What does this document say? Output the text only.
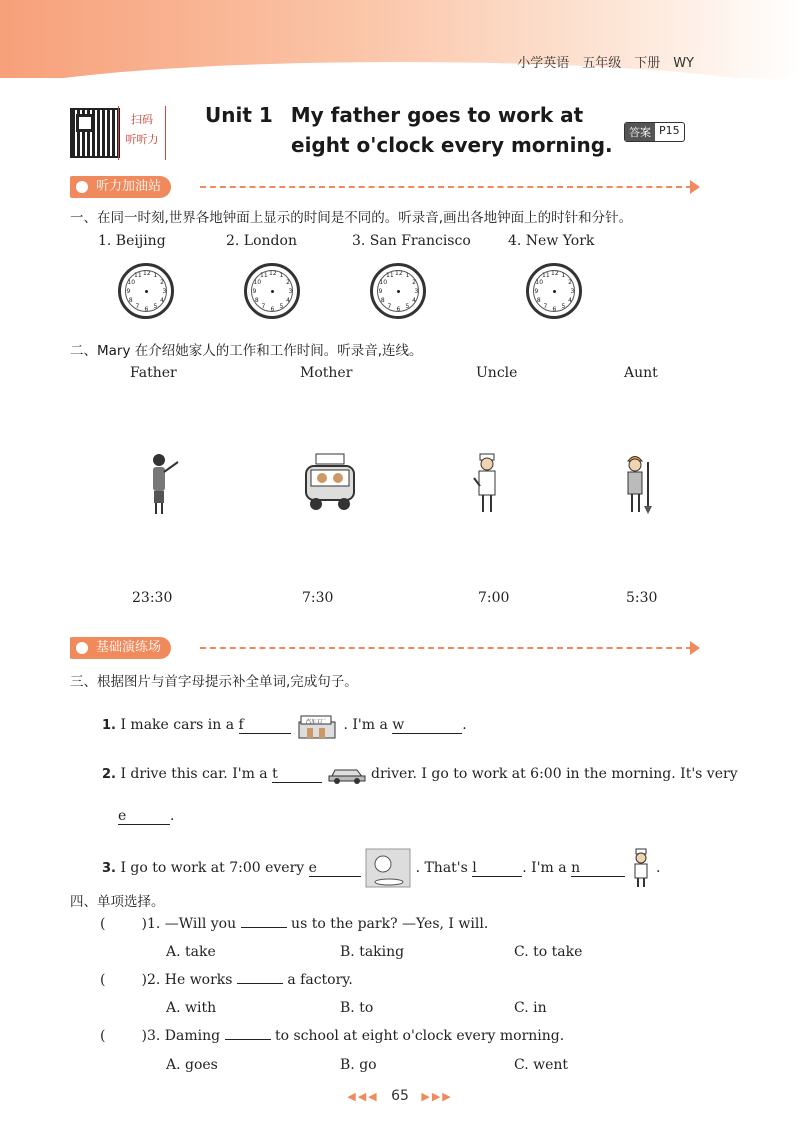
小学英语　五年级　下册　WY
扫码
听听力
Unit 1 My father goes to work at
eight o'clock every morning.
答案 P15
听力加油站
一、在同一时刻,世界各地钟面上显示的时间是不同的。听录音,画出各地钟面上的时针和分针。
1. Beijing	2. London	3. San Francisco	4. New York
1
2
3
4
5
6
7
8
9
10
11 12	1
2
3
4
5
6
7
8
9
10
11 12	1
2
3
4
5
6
7
8
9
10
11 12	1
2
3
4
5
6
7
8
9
10
11 12
二、Mary 在介绍她家人的工作和工作时间。听录音,连线。
Father	Mother	Uncle	Aunt
23:30	7:30	7:00	5:30
基础演练场
三、根据图片与首字母提示补全单词,完成句子。
1. I make cars in a f	汽车工厂 . I'm a w	.
2. I drive this car. I'm a t	driver. I go to work at 6:00 in the morning. It's very
e	.
3. I go to work at 7:00 every e	. That's l	. I'm a n	.
四、单项选择。
(	)1. —Will you	us to the park? —Yes, I will.
A. take	B. taking	C. to take
(	)2. He works	a factory.
A. with	B. to	C. in
(	)3. Daming	to school at eight o'clock every morning.
A. goes	B. go	C. went
◀◀◀ 65 ▶▶▶
